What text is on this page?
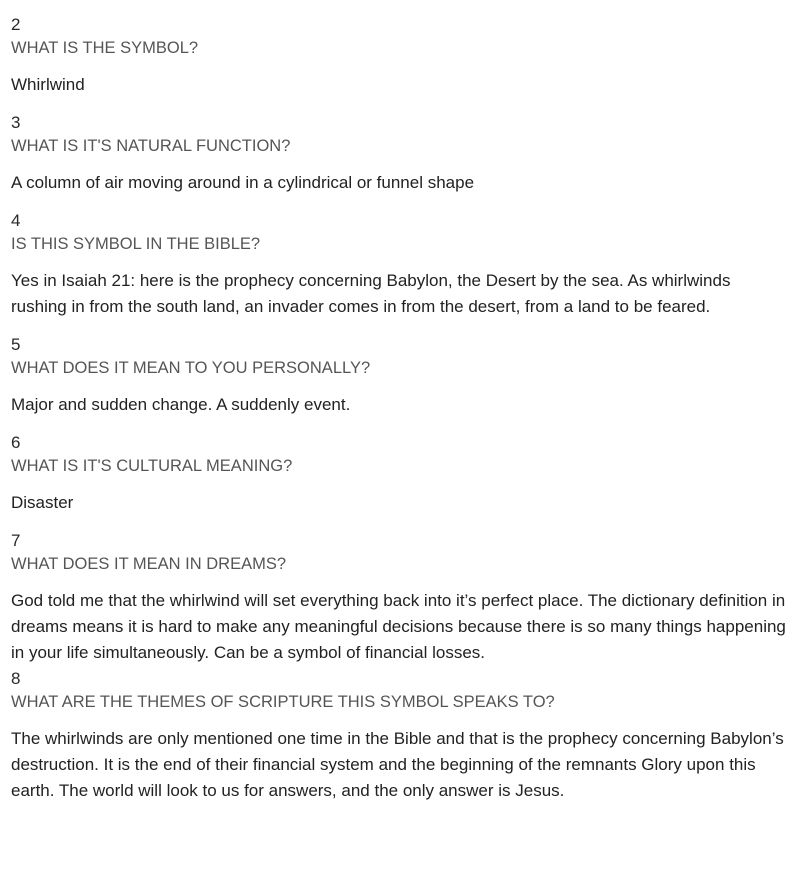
2
WHAT IS THE SYMBOL?
Whirlwind
3
WHAT IS IT'S NATURAL FUNCTION?
A column of air moving around in a cylindrical or funnel shape
4
IS THIS SYMBOL IN THE BIBLE?
Yes in Isaiah 21: here is the prophecy concerning Babylon, the Desert by the sea. As whirlwinds rushing in from the south land, an invader comes in from the desert, from a land to be feared.
5
WHAT DOES IT MEAN TO YOU PERSONALLY?
Major and sudden change. A suddenly event.
6
WHAT IS IT'S CULTURAL MEANING?
Disaster
7
WHAT DOES IT MEAN IN DREAMS?
God told me that the whirlwind will set everything back into it’s perfect place. The dictionary definition in dreams means it is hard to make any meaningful decisions because there is so many things happening in your life simultaneously. Can be a symbol of financial losses.
8
WHAT ARE THE THEMES OF SCRIPTURE THIS SYMBOL SPEAKS TO?
The whirlwinds are only mentioned one time in the Bible and that is the prophecy concerning Babylon’s destruction. It is the end of their financial system and the beginning of the remnants Glory upon this earth. The world will look to us for answers, and the only answer is Jesus.
